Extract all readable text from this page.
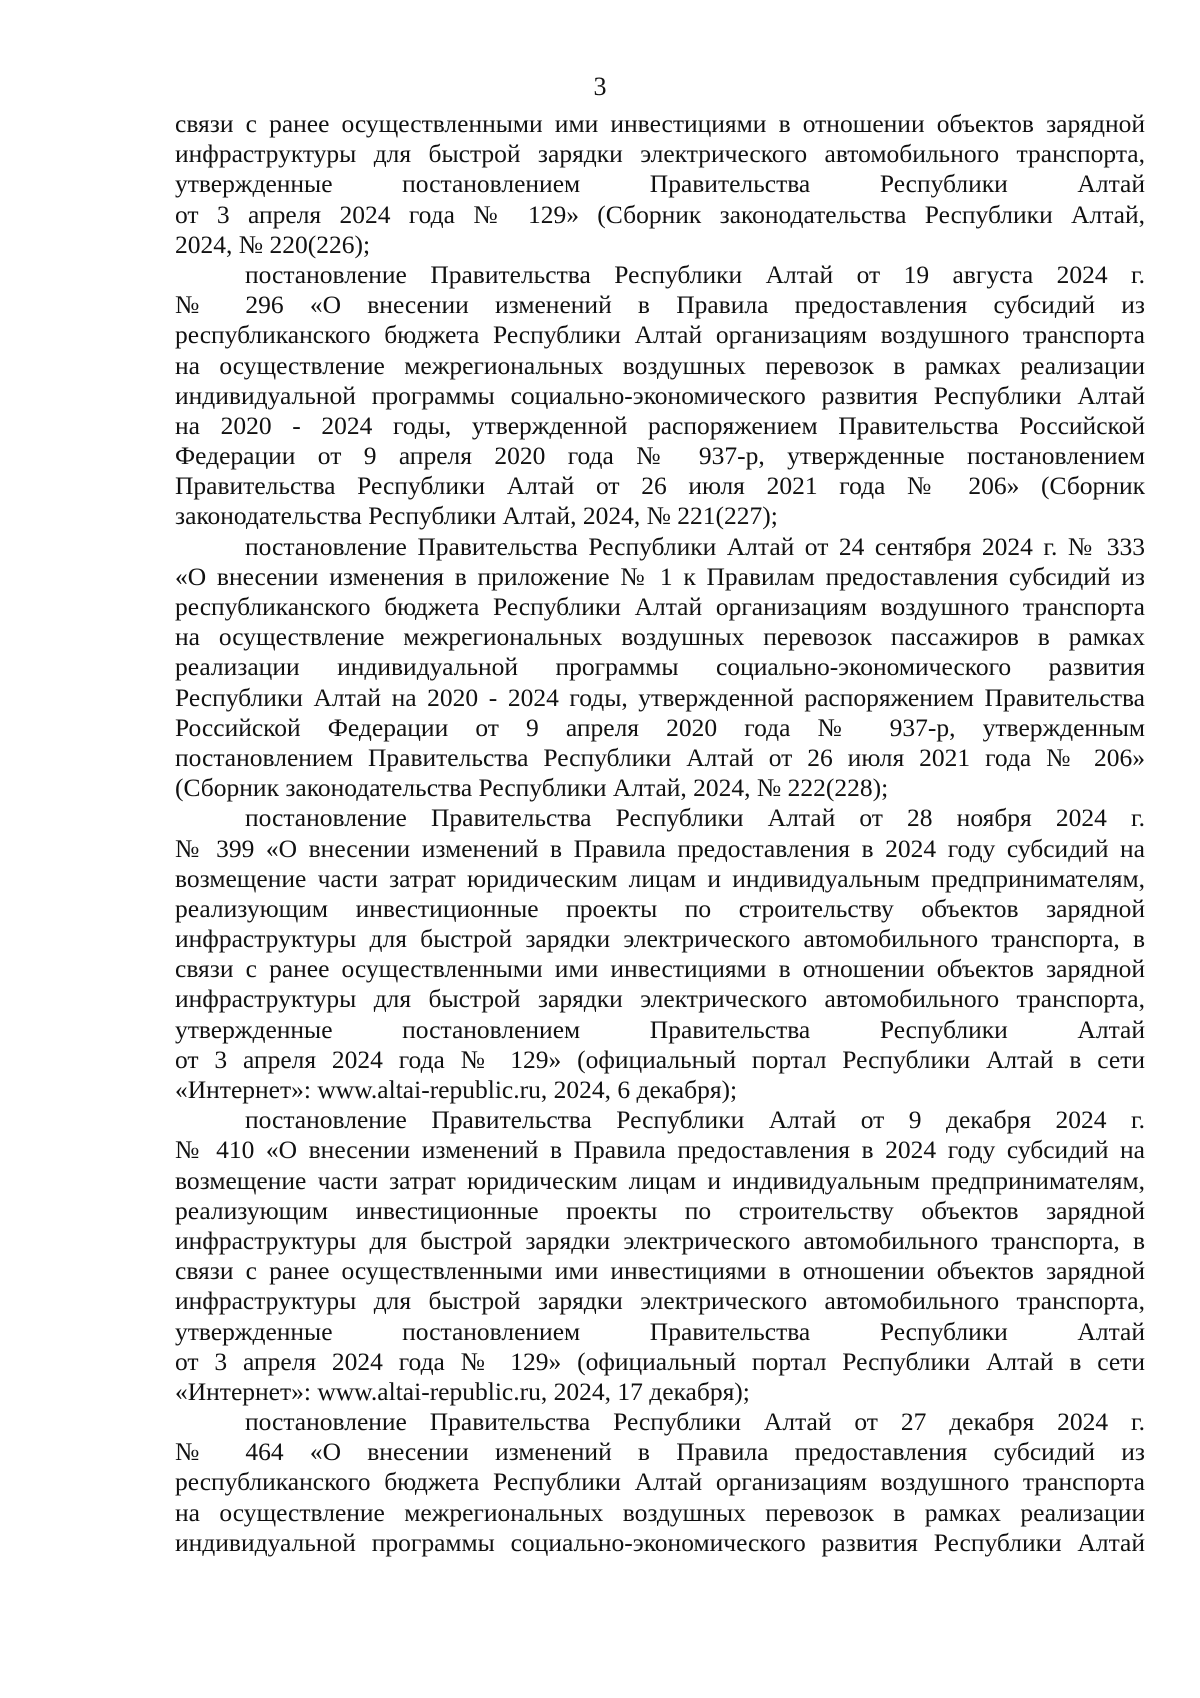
3
связи с ранее осуществленными ими инвестициями в отношении объектов зарядной
инфраструктуры для быстрой зарядки электрического автомобильного транспорта,
утвержденные постановлением Правительства Республики Алтай
от 3 апреля 2024 года № 129» (Сборник законодательства Республики Алтай,
2024, № 220(226);
постановление Правительства Республики Алтай от 19 августа 2024 г.
№ 296 «О внесении изменений в Правила предоставления субсидий из
республиканского бюджета Республики Алтай организациям воздушного транспорта
на осуществление межрегиональных воздушных перевозок в рамках реализации
индивидуальной программы социально-экономического развития Республики Алтай
на 2020 - 2024 годы, утвержденной распоряжением Правительства Российской
Федерации от 9 апреля 2020 года № 937-р, утвержденные постановлением
Правительства Республики Алтай от 26 июля 2021 года № 206» (Сборник
законодательства Республики Алтай, 2024, № 221(227);
постановление Правительства Республики Алтай от 24 сентября 2024 г. № 333
«О внесении изменения в приложение № 1 к Правилам предоставления субсидий из
республиканского бюджета Республики Алтай организациям воздушного транспорта
на осуществление межрегиональных воздушных перевозок пассажиров в рамках
реализации индивидуальной программы социально-экономического развития
Республики Алтай на 2020 - 2024 годы, утвержденной распоряжением Правительства
Российской Федерации от 9 апреля 2020 года № 937-р, утвержденным
постановлением Правительства Республики Алтай от 26 июля 2021 года № 206»
(Сборник законодательства Республики Алтай, 2024, № 222(228);
постановление Правительства Республики Алтай от 28 ноября 2024 г.
№ 399 «О внесении изменений в Правила предоставления в 2024 году субсидий на
возмещение части затрат юридическим лицам и индивидуальным предпринимателям,
реализующим инвестиционные проекты по строительству объектов зарядной
инфраструктуры для быстрой зарядки электрического автомобильного транспорта, в
связи с ранее осуществленными ими инвестициями в отношении объектов зарядной
инфраструктуры для быстрой зарядки электрического автомобильного транспорта,
утвержденные постановлением Правительства Республики Алтай
от 3 апреля 2024 года № 129» (официальный портал Республики Алтай в сети
«Интернет»: www.altai-republic.ru, 2024, 6 декабря);
постановление Правительства Республики Алтай от 9 декабря 2024 г.
№ 410 «О внесении изменений в Правила предоставления в 2024 году субсидий на
возмещение части затрат юридическим лицам и индивидуальным предпринимателям,
реализующим инвестиционные проекты по строительству объектов зарядной
инфраструктуры для быстрой зарядки электрического автомобильного транспорта, в
связи с ранее осуществленными ими инвестициями в отношении объектов зарядной
инфраструктуры для быстрой зарядки электрического автомобильного транспорта,
утвержденные постановлением Правительства Республики Алтай
от 3 апреля 2024 года № 129» (официальный портал Республики Алтай в сети
«Интернет»: www.altai-republic.ru, 2024, 17 декабря);
постановление Правительства Республики Алтай от 27 декабря 2024 г.
№ 464 «О внесении изменений в Правила предоставления субсидий из
республиканского бюджета Республики Алтай организациям воздушного транспорта
на осуществление межрегиональных воздушных перевозок в рамках реализации
индивидуальной программы социально-экономического развития Республики Алтай
